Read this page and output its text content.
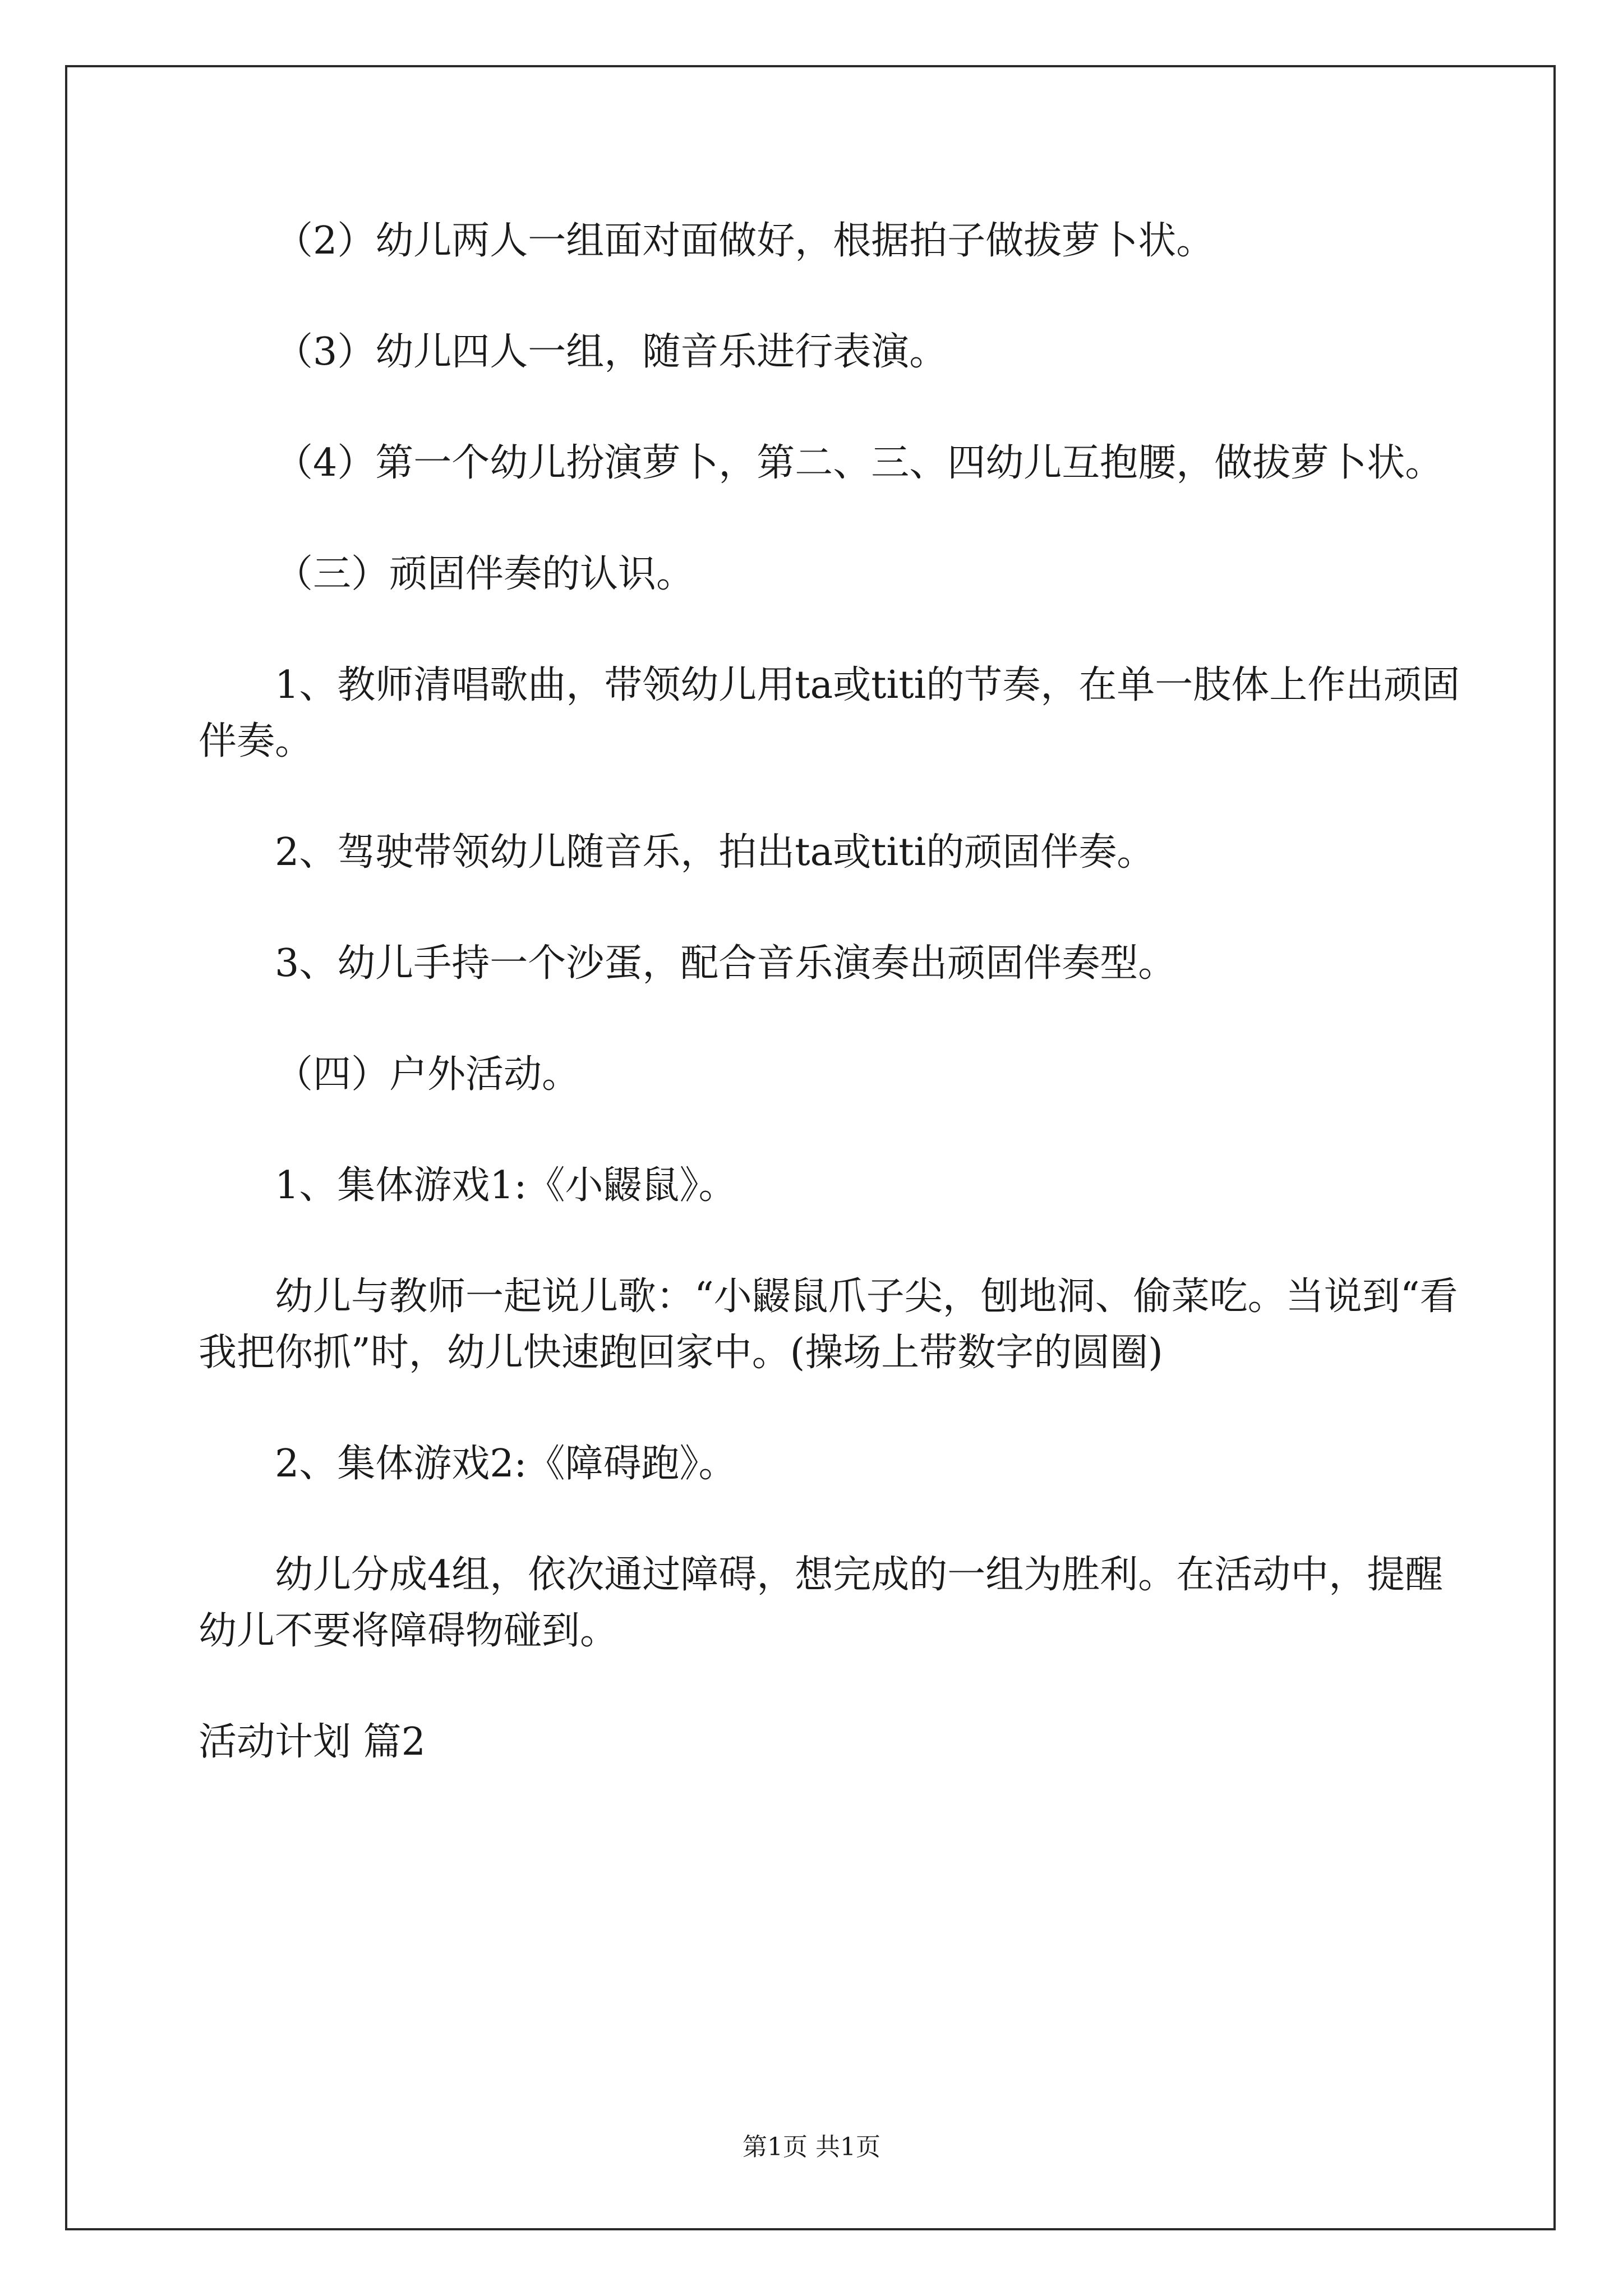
（2）幼儿两人一组面对面做好，根据拍子做拔萝卜状。

（3）幼儿四人一组，随音乐进行表演。

（4）第一个幼儿扮演萝卜，第二、三、四幼儿互抱腰，做拔萝卜状。

（三）顽固伴奏的认识。

1、教师清唱歌曲，带领幼儿用ta或titi的节奏，在单一肢体上作出顽固伴奏。

2、驾驶带领幼儿随音乐，拍出ta或titi的顽固伴奏。

3、幼儿手持一个沙蛋，配合音乐演奏出顽固伴奏型。

（四）户外活动。

1、集体游戏1:《小鼹鼠》。

幼儿与教师一起说儿歌：“小鼹鼠爪子尖，刨地洞、偷菜吃。当说到“看我把你抓”时，幼儿快速跑回家中。(操场上带数字的圆圈)

2、集体游戏2:《障碍跑》。

幼儿分成4组，依次通过障碍，想完成的一组为胜利。在活动中，提醒幼儿不要将障碍物碰到。

活动计划 篇2

第1页 共1页
